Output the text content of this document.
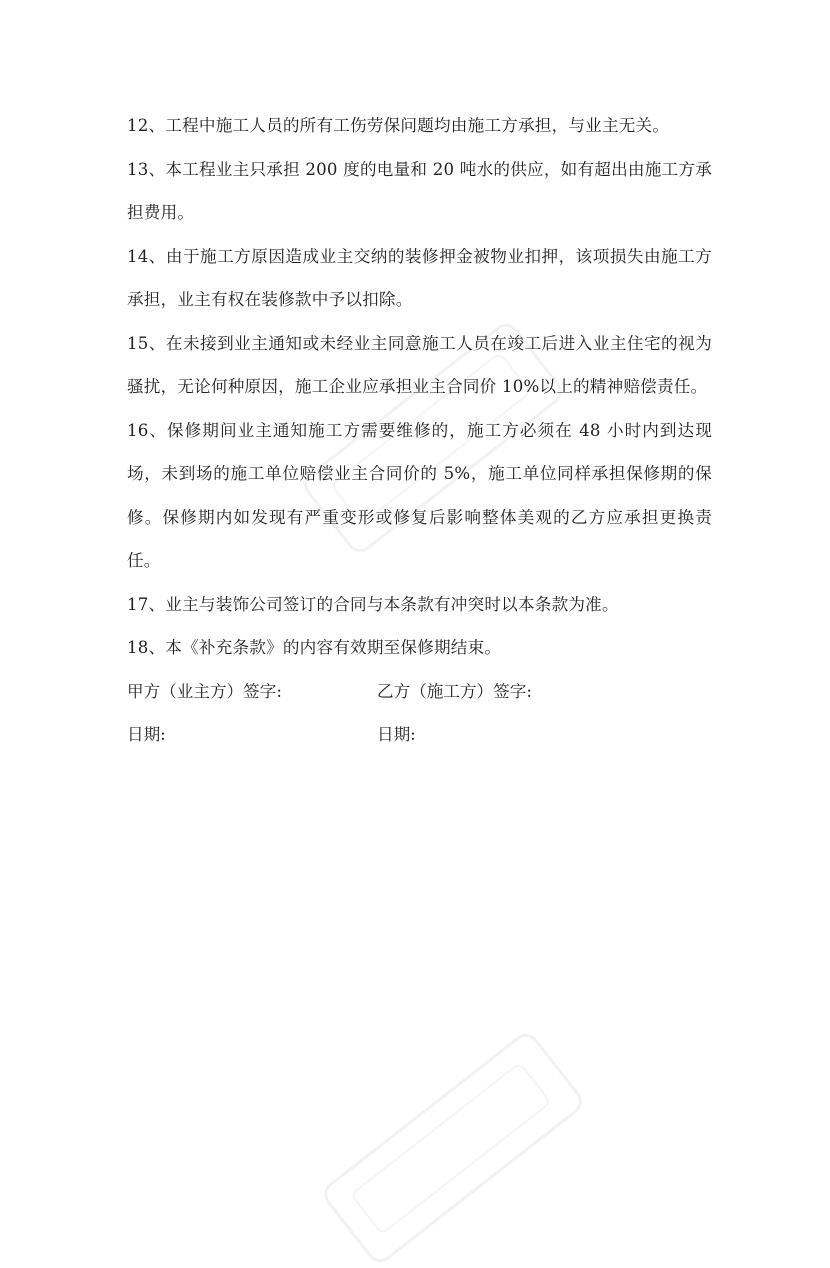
12、工程中施工人员的所有工伤劳保问题均由施工方承担，与业主无关。

13、本工程业主只承担 200 度的电量和 20 吨水的供应，如有超出由施工方承担费用。

14、由于施工方原因造成业主交纳的装修押金被物业扣押，该项损失由施工方承担，业主有权在装修款中予以扣除。

15、在未接到业主通知或未经业主同意施工人员在竣工后进入业主住宅的视为骚扰，无论何种原因，施工企业应承担业主合同价 10%以上的精神赔偿责任。

16、保修期间业主通知施工方需要维修的，施工方必须在 48 小时内到达现场，未到场的施工单位赔偿业主合同价的 5%，施工单位同样承担保修期的保修。保修期内如发现有严重变形或修复后影响整体美观的乙方应承担更换责任。

17、业主与装饰公司签订的合同与本条款有冲突时以本条款为准。

18、本《补充条款》的内容有效期至保修期结束。

甲方（业主方）签字:	乙方（施工方）签字:
日期:	日期:
